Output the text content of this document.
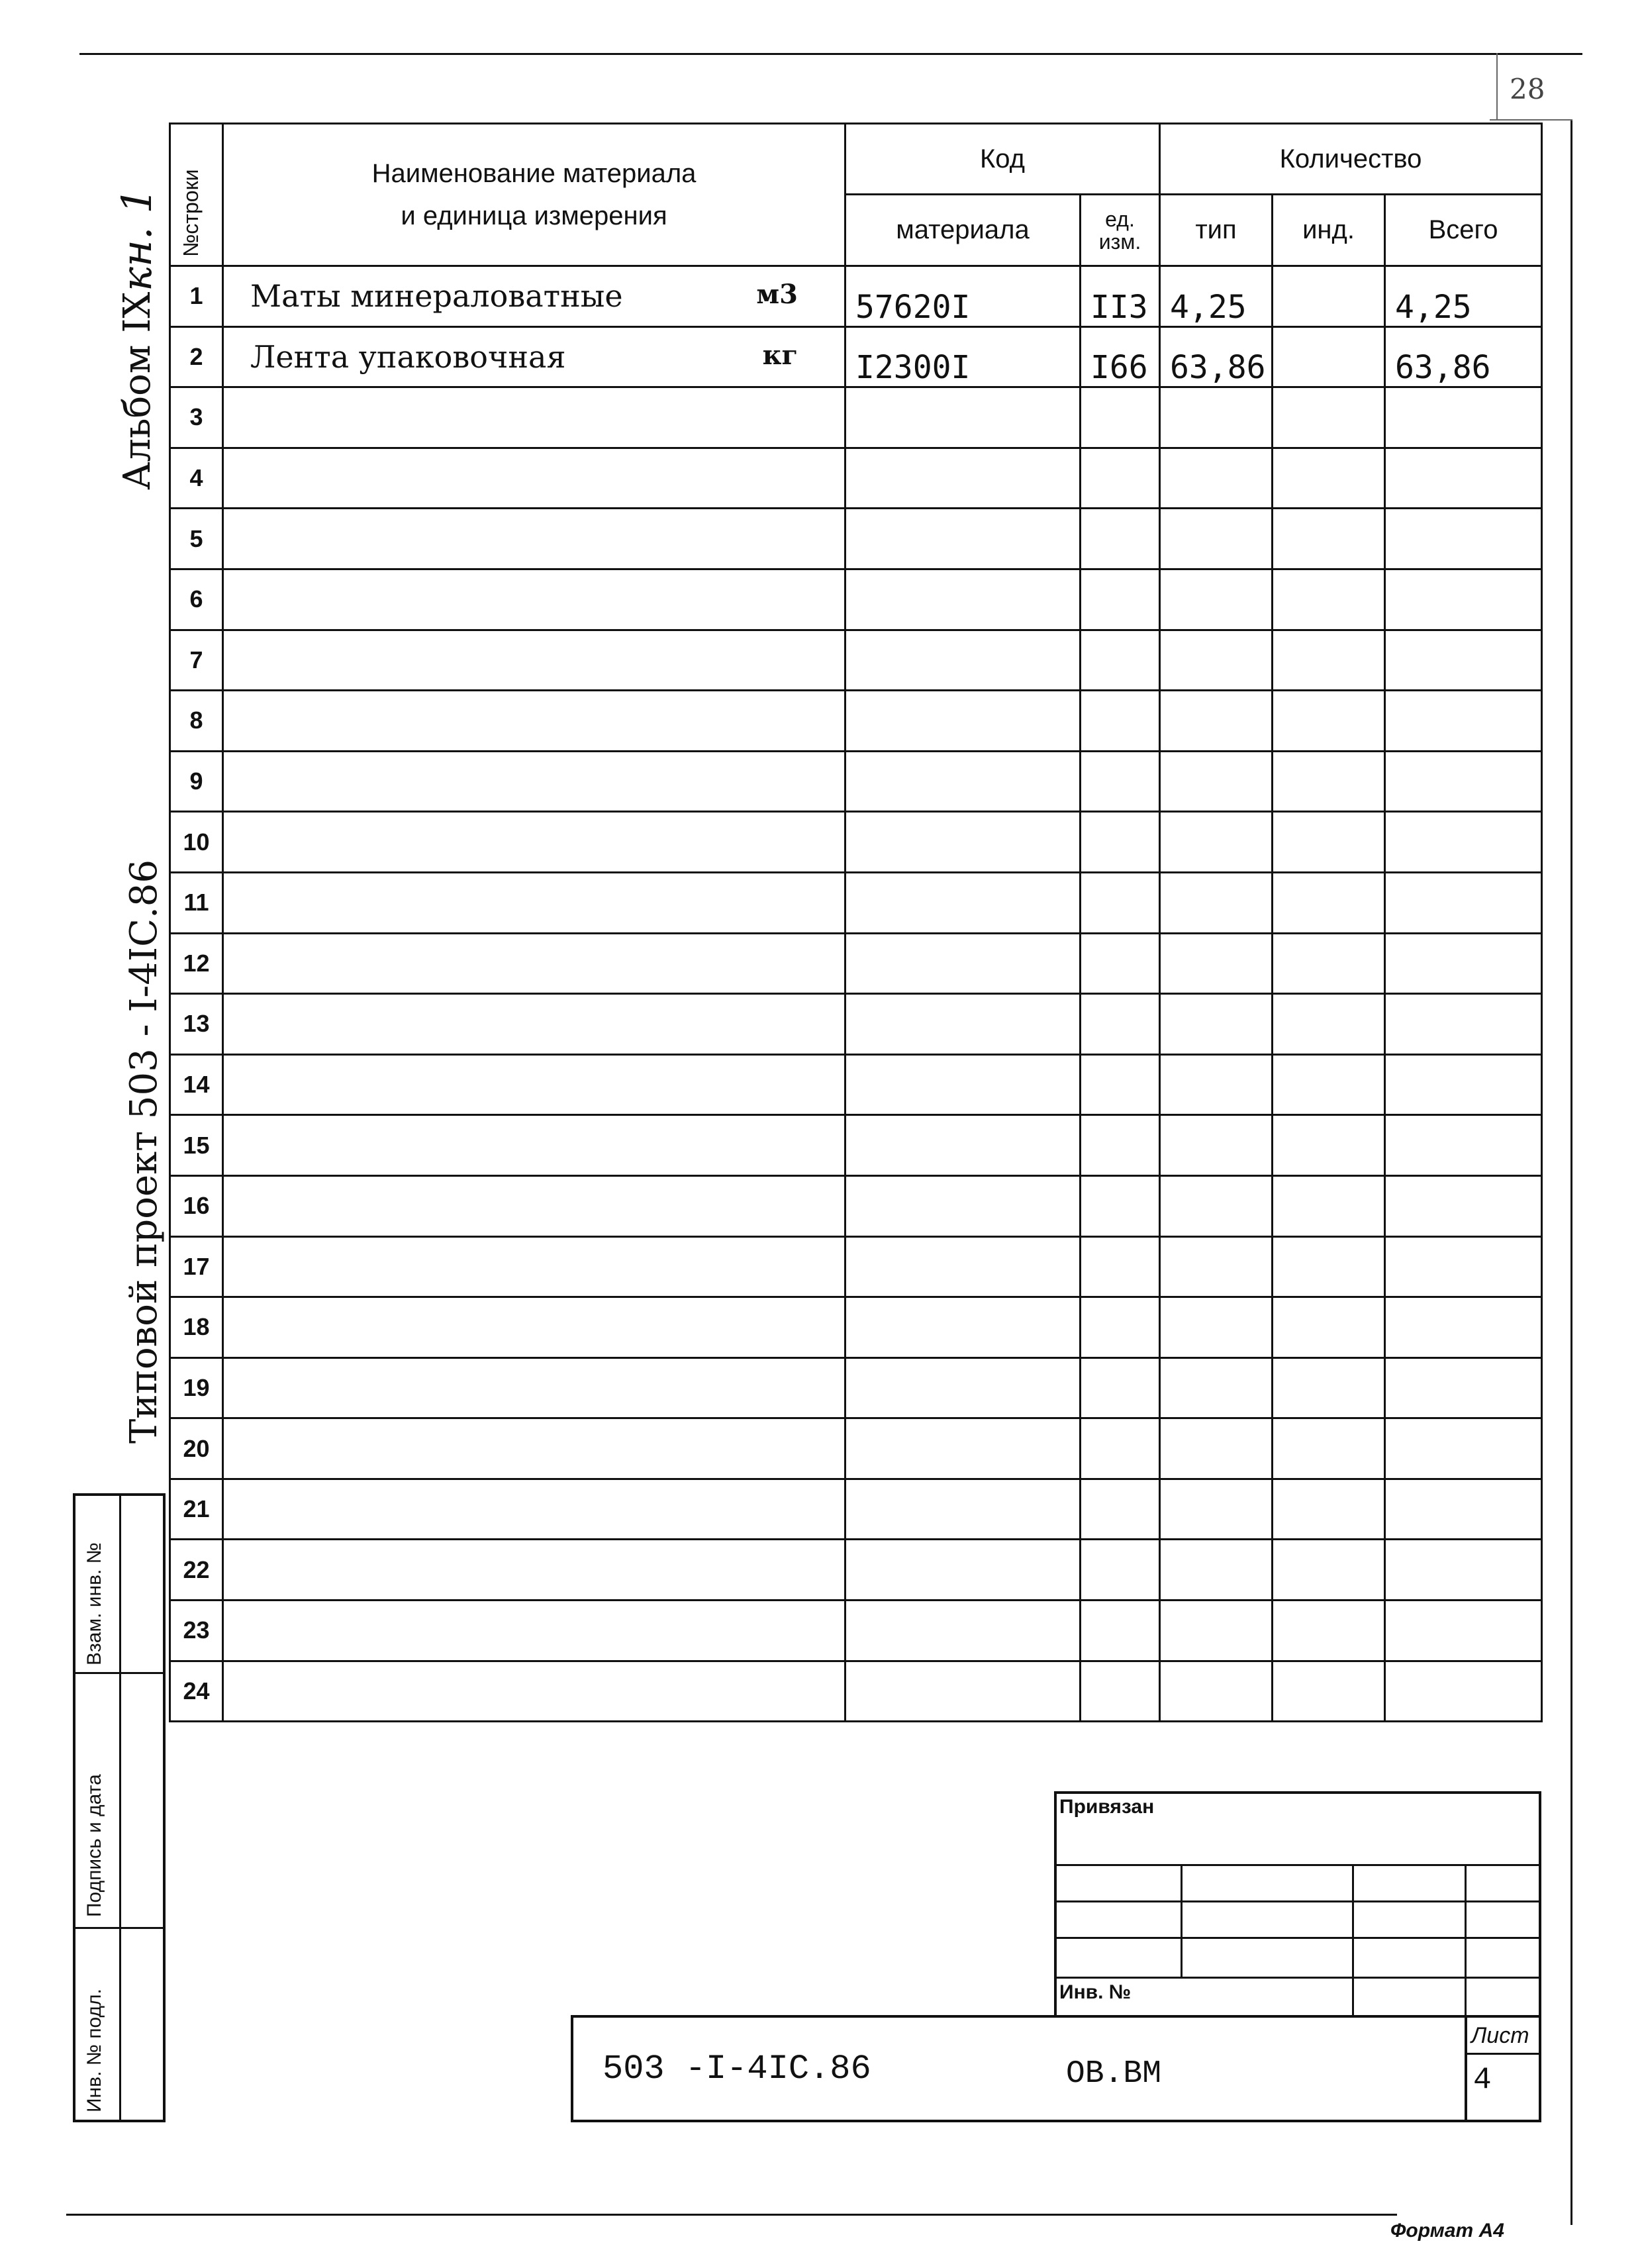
28
Альбом IX
кн. 1
Типовой проект 503 - I-4IС.86
Взам. инв. №
Подпись и дата
Инв. № подл.
№строки	Наименование материала
и единица измерения	Код		Количество		
		материала	ед. изм.	тип	инд.	Всего
1	Маты минераловатные м3	57620I	II3	4,25		4,25
2	Лента упаковочная кг	I2300I	I66	63,86		63,86
3	

4	

5	

6	

7	

8	

9	

10	

11	

12	

13	

14	

15	

16	

17	

18	

19	

20	

21	

22	

23	

24	

Привязан
Инв. №
503 -I-4IС.86	ОВ.ВМ
Лист
4
Формат А4
